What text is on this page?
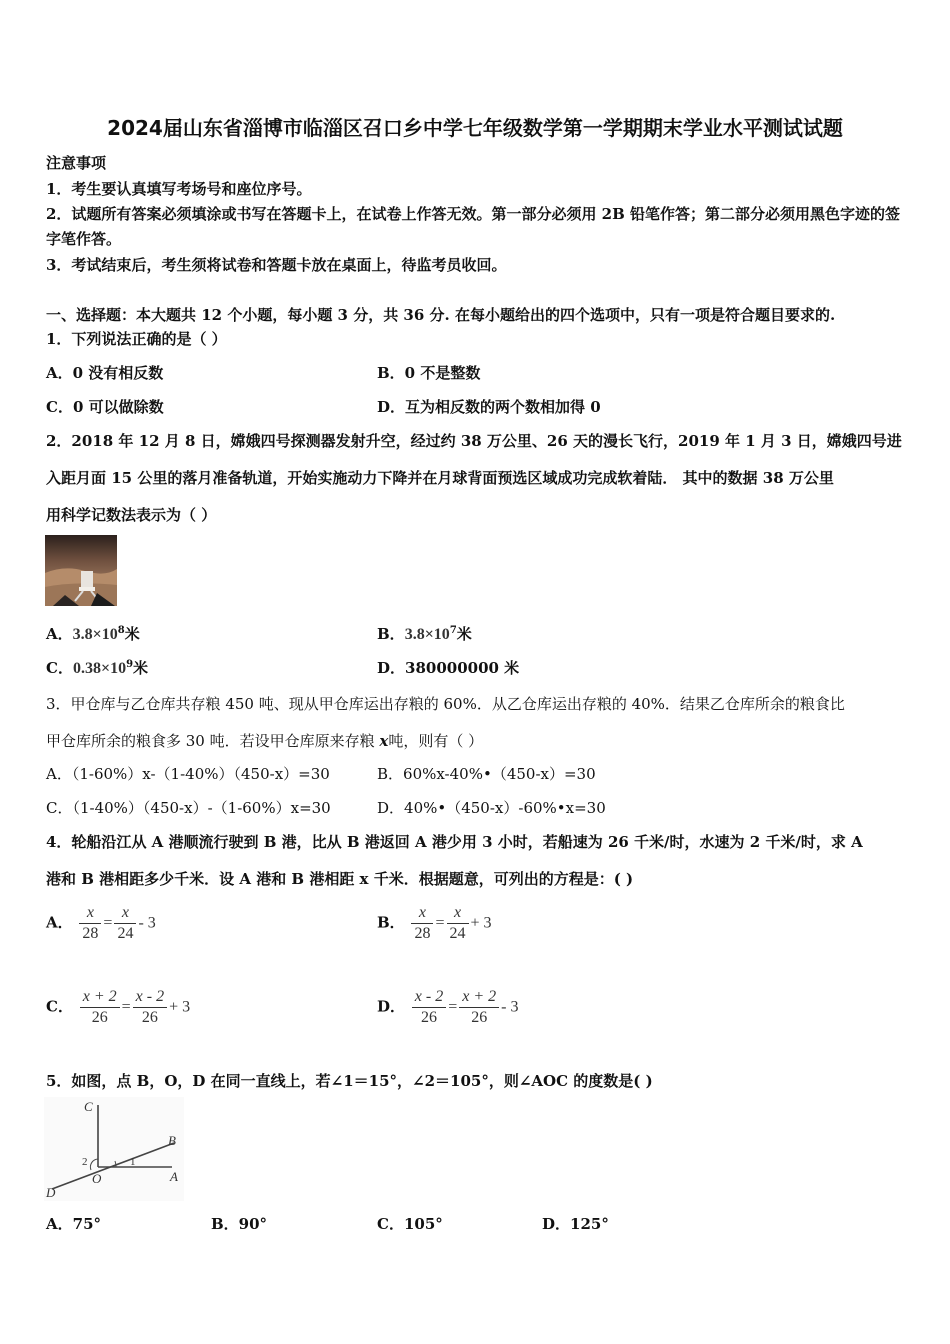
2024届山东省淄博市临淄区召口乡中学七年级数学第一学期期末学业水平测试试题
注意事项
1．考生要认真填写考场号和座位序号。
2．试题所有答案必须填涂或书写在答题卡上，在试卷上作答无效。第一部分必须用 2B 铅笔作答；第二部分必须用黑色字迹的签字笔作答。
3．考试结束后，考生须将试卷和答题卡放在桌面上，待监考员收回。
一、选择题：本大题共 12 个小题，每小题 3 分，共 36 分. 在每小题给出的四个选项中，只有一项是符合题目要求的.
1．下列说法正确的是（ ）
A．0 没有相反数	B．0 不是整数
C．0 可以做除数	D．互为相反数的两个数相加得 0
2．2018 年 12 月 8 日，嫦娥四号探测器发射升空，经过约 38 万公里、26 天的漫长飞行，2019 年 1 月 3 日，嫦娥四号进
入距月面 15 公里的落月准备轨道，开始实施动力下降并在月球背面预选区域成功完成软着陆． 其中的数据 38 万公里
用科学记数法表示为（ ）
A．$3.8\times 10^8$米	B．$3.8\times 10^7$米
C．$0.38\times 10^9$米	D．380000000 米
3．甲仓库与乙仓库共存粮 450 吨、现从甲仓库运出存粮的 60%．从乙仓库运出存粮的 40%．结果乙仓库所余的粮食比
甲仓库所余的粮食多 30 吨．若设甲仓库原来存粮 x吨，则有（ ）
A．（1-60%）x-（1-40%）（450-x）=30	B．60%x-40%•（450-x）=30
C．（1-40%）（450-x）-（1-60%）x=30	D．40%•（450-x）-60%•x=30
4．轮船沿江从 A 港顺流行驶到 B 港，比从 B 港返回 A 港少用 3 小时，若船速为 26 千米/时，水速为 2 千米/时，求 A
港和 B 港相距多少千米．设 A 港和 B 港相距 x 千米．根据题意，可列出的方程是：( )
A． $\frac{x}{28} = \frac{x}{24} - 3$	B． $\frac{x}{28} = \frac{x}{24} + 3$
C． $\frac{x + 2}{26} = \frac{x - 2}{26} + 3$	D． $\frac{x - 2}{26} = \frac{x + 2}{26} - 3$
5．如图，点 B，O，D 在同一直线上，若∠1＝15°，∠2＝105°，则∠AOC 的度数是( )
C
B
A
O
D
1
2
A．75°	B．90°	C．105°	D．125°
